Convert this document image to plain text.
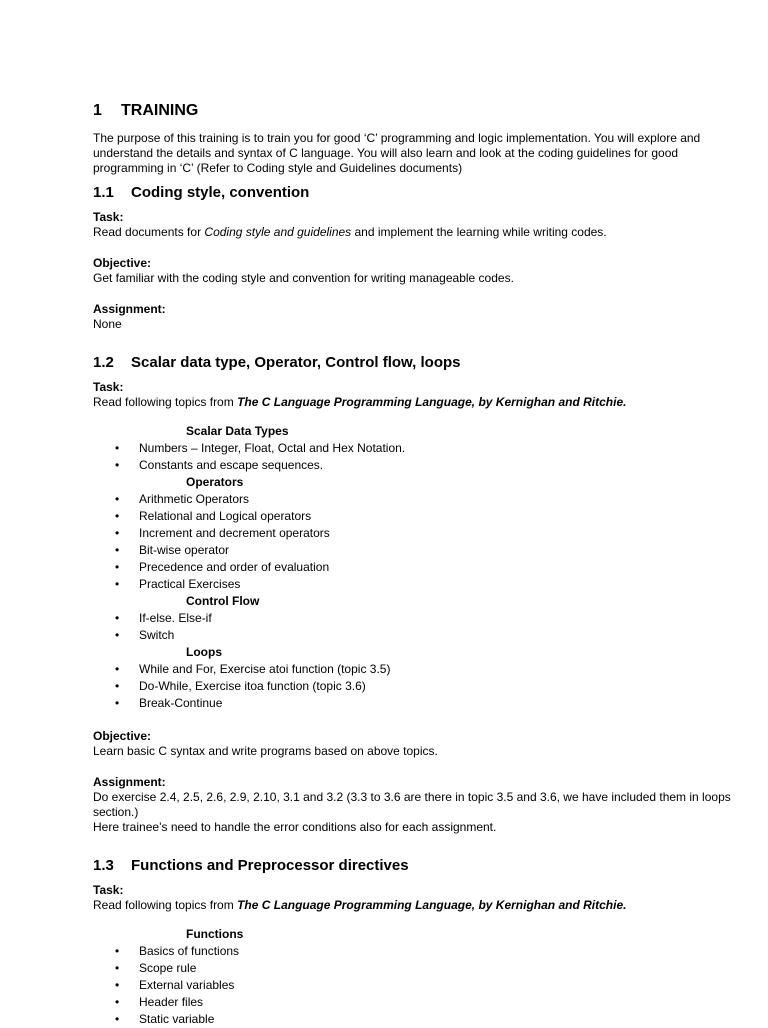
1 TRAINING

The purpose of this training is to train you for good ‘C’ programming and logic implementation. You will explore and understand the details and syntax of C language. You will also learn and look at the coding guidelines for good programming in ‘C’ (Refer to Coding style and Guidelines documents)

1.1 Coding style, convention

Task:

Read documents for Coding style and guidelines and implement the learning while writing codes.

Objective:

Get familiar with the coding style and convention for writing manageable codes.

Assignment:

None

1.2 Scalar data type, Operator, Control flow, loops

Task:

Read following topics from The C Language Programming Language, by Kernighan and Ritchie.

Scalar Data Types
• Numbers – Integer, Float, Octal and Hex Notation.
• Constants and escape sequences.
Operators
• Arithmetic Operators
• Relational and Logical operators
• Increment and decrement operators
• Bit-wise operator
• Precedence and order of evaluation
• Practical Exercises
Control Flow
• If-else. Else-if
• Switch
Loops
• While and For, Exercise atoi function (topic 3.5)
• Do-While, Exercise itoa function (topic 3.6)
• Break-Continue

Objective:

Learn basic C syntax and write programs based on above topics.

Assignment:

Do exercise 2.4, 2.5, 2.6, 2.9, 2.10, 3.1 and 3.2 (3.3 to 3.6 are there in topic 3.5 and 3.6, we have included them in loops section.)

Here trainee’s need to handle the error conditions also for each assignment.

1.3 Functions and Preprocessor directives

Task:

Read following topics from The C Language Programming Language, by Kernighan and Ritchie.

Functions
• Basics of functions
• Scope rule
• External variables
• Header files
• Static variable
